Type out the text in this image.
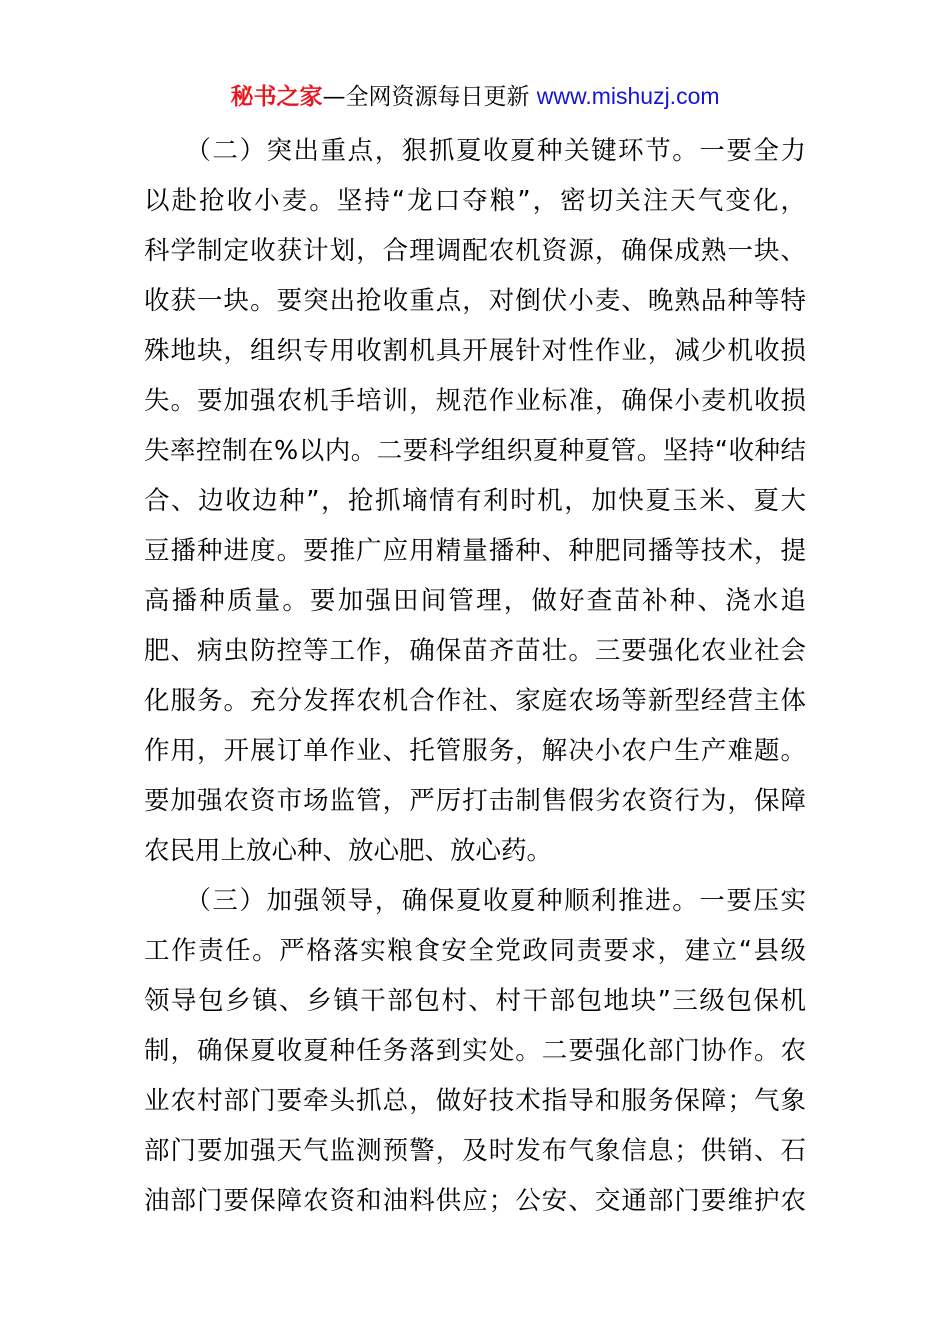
秘书之家—全网资源每日更新 www.mishuzj.com
　　（二）突出重点，狠抓夏收夏种关键环节。一要全力
以赴抢收小麦。坚持“龙口夺粮”，密切关注天气变化，
科学制定收获计划，合理调配农机资源，确保成熟一块、
收获一块。要突出抢收重点，对倒伏小麦、晚熟品种等特
殊地块，组织专用收割机具开展针对性作业，减少机收损
失。要加强农机手培训，规范作业标准，确保小麦机收损
失率控制在%以内。二要科学组织夏种夏管。坚持“收种结
合、边收边种”，抢抓墒情有利时机，加快夏玉米、夏大
豆播种进度。要推广应用精量播种、种肥同播等技术，提
高播种质量。要加强田间管理，做好查苗补种、浇水追
肥、病虫防控等工作，确保苗齐苗壮。三要强化农业社会
化服务。充分发挥农机合作社、家庭农场等新型经营主体
作用，开展订单作业、托管服务，解决小农户生产难题。
要加强农资市场监管，严厉打击制售假劣农资行为，保障
农民用上放心种、放心肥、放心药。
　　（三）加强领导，确保夏收夏种顺利推进。一要压实
工作责任。严格落实粮食安全党政同责要求，建立“县级
领导包乡镇、乡镇干部包村、村干部包地块”三级包保机
制，确保夏收夏种任务落到实处。二要强化部门协作。农
业农村部门要牵头抓总，做好技术指导和服务保障；气象
部门要加强天气监测预警，及时发布气象信息；供销、石
油部门要保障农资和油料供应；公安、交通部门要维护农
